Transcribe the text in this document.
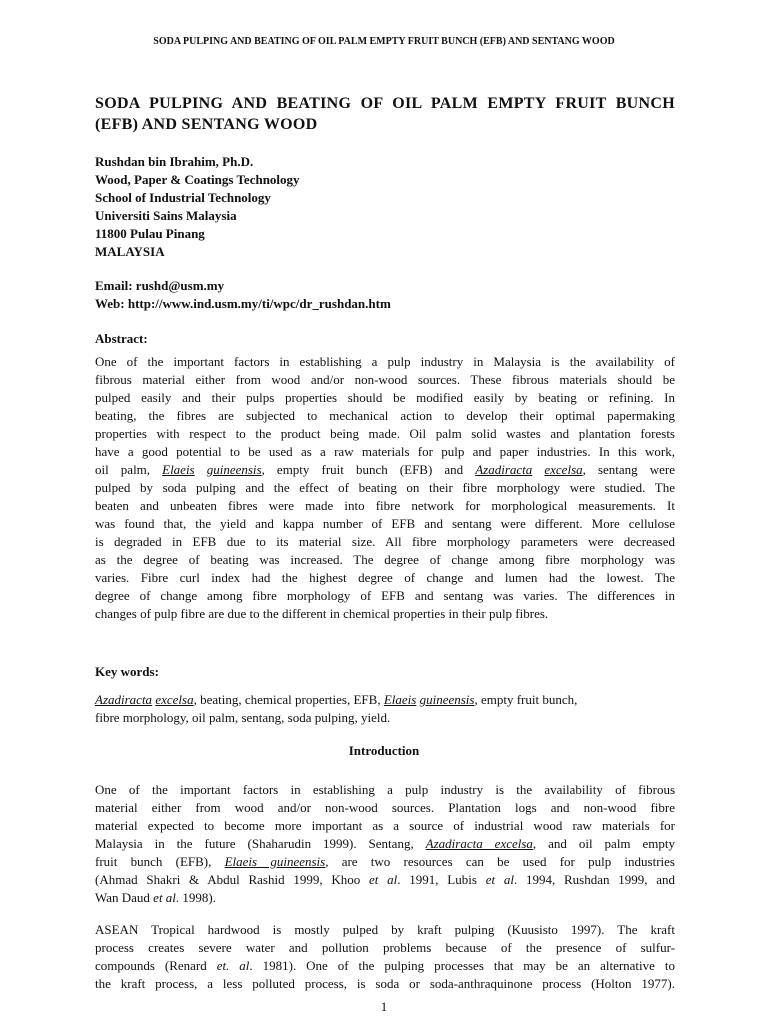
SODA PULPING AND BEATING OF OIL PALM EMPTY FRUIT BUNCH (EFB) AND SENTANG WOOD
SODA PULPING AND BEATING OF OIL PALM EMPTY FRUIT BUNCH (EFB) AND SENTANG WOOD
Rushdan bin Ibrahim, Ph.D.
Wood, Paper & Coatings Technology
School of Industrial Technology
Universiti Sains Malaysia
11800 Pulau Pinang
MALAYSIA
Email: rushd@usm.my
Web: http://www.ind.usm.my/ti/wpc/dr_rushdan.htm
Abstract:
One of the important factors in establishing a pulp industry in Malaysia is the availability of
fibrous material either from wood and/or non-wood sources. These fibrous materials should be
pulped easily and their pulps properties should be modified easily by beating or refining. In
beating, the fibres are subjected to mechanical action to develop their optimal papermaking
properties with respect to the product being made. Oil palm solid wastes and plantation forests
have a good potential to be used as a raw materials for pulp and paper industries. In this work,
oil palm, Elaeis guineensis, empty fruit bunch (EFB) and Azadiracta excelsa, sentang were
pulped by soda pulping and the effect of beating on their fibre morphology were studied. The
beaten and unbeaten fibres were made into fibre network for morphological measurements. It
was found that, the yield and kappa number of EFB and sentang were different. More cellulose
is degraded in EFB due to its material size. All fibre morphology parameters were decreased
as the degree of beating was increased. The degree of change among fibre morphology was
varies. Fibre curl index had the highest degree of change and lumen had the lowest. The
degree of change among fibre morphology of EFB and sentang was varies. The differences in
changes of pulp fibre are due to the different in chemical properties in their pulp fibres.
Key words:
Azadiracta excelsa, beating, chemical properties, EFB, Elaeis guineensis, empty fruit bunch,
fibre morphology, oil palm, sentang, soda pulping, yield.
Introduction
One of the important factors in establishing a pulp industry is the availability of fibrous
material either from wood and/or non-wood sources. Plantation logs and non-wood fibre
material expected to become more important as a source of industrial wood raw materials for
Malaysia in the future (Shaharudin 1999). Sentang, Azadiracta excelsa, and oil palm empty
fruit bunch (EFB), Elaeis guineensis, are two resources can be used for pulp industries
(Ahmad Shakri & Abdul Rashid 1999, Khoo et al. 1991, Lubis et al. 1994, Rushdan 1999, and
Wan Daud et al. 1998).
ASEAN Tropical hardwood is mostly pulped by kraft pulping (Kuusisto 1997). The kraft
process creates severe water and pollution problems because of the presence of sulfur-
compounds (Renard et. al. 1981). One of the pulping processes that may be an alternative to
the kraft process, a less polluted process, is soda or soda-anthraquinone process (Holton 1977).
1
